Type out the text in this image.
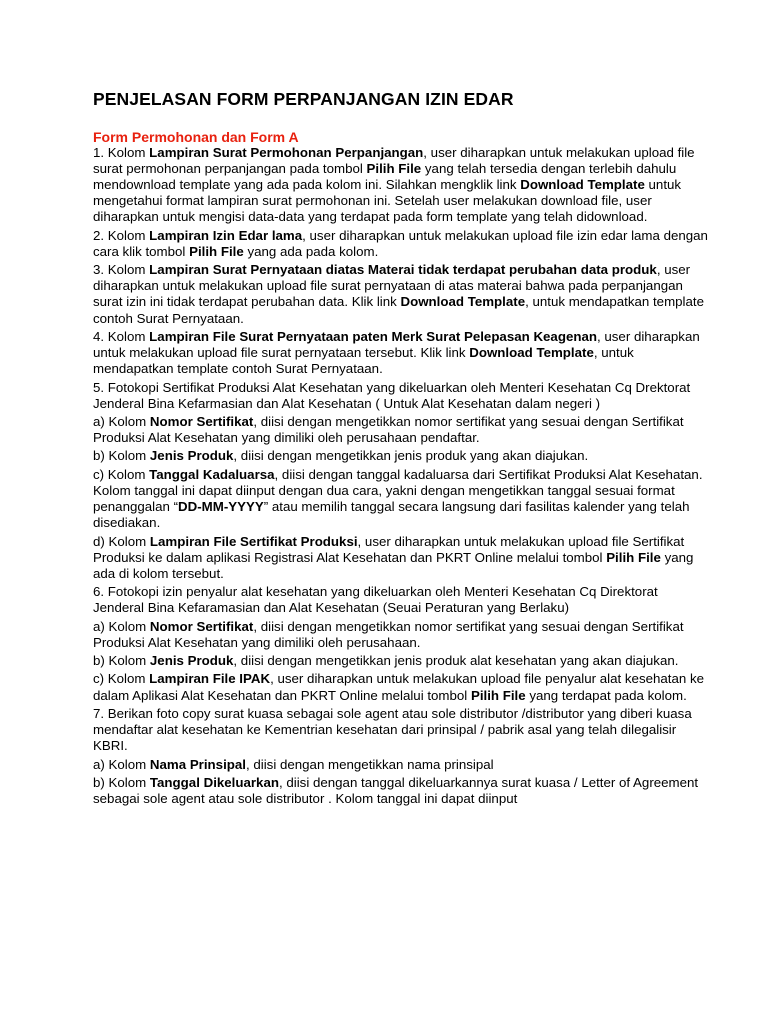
PENJELASAN FORM PERPANJANGAN IZIN EDAR
Form Permohonan dan Form A

1. Kolom Lampiran Surat Permohonan Perpanjangan, user diharapkan untuk melakukan upload file surat permohonan perpanjangan pada tombol Pilih File yang telah tersedia dengan terlebih dahulu mendownload template yang ada pada kolom ini. Silahkan mengklik link Download Template untuk mengetahui format lampiran surat permohonan ini. Setelah user melakukan download file, user diharapkan untuk mengisi data-data yang terdapat pada form template yang telah didownload.

2. Kolom Lampiran Izin Edar lama, user diharapkan untuk melakukan upload file izin edar lama dengan cara klik tombol Pilih File yang ada pada kolom.

3. Kolom Lampiran Surat Pernyataan diatas Materai tidak terdapat perubahan data produk, user diharapkan untuk melakukan upload file surat pernyataan di atas materai bahwa pada perpanjangan surat izin ini tidak terdapat perubahan data. Klik link Download Template, untuk mendapatkan template contoh Surat Pernyataan.

4. Kolom Lampiran File Surat Pernyataan paten Merk Surat Pelepasan Keagenan, user diharapkan untuk melakukan upload file surat pernyataan tersebut. Klik link Download Template, untuk mendapatkan template contoh Surat Pernyataan.

5. Fotokopi Sertifikat Produksi Alat Kesehatan yang dikeluarkan oleh Menteri Kesehatan Cq Drektorat Jenderal Bina Kefarmasian dan Alat Kesehatan ( Untuk Alat Kesehatan dalam negeri )

a) Kolom Nomor Sertifikat, diisi dengan mengetikkan nomor sertifikat yang sesuai dengan Sertifikat Produksi Alat Kesehatan yang dimiliki oleh perusahaan pendaftar.

b) Kolom Jenis Produk, diisi dengan mengetikkan jenis produk yang akan diajukan.

c) Kolom Tanggal Kadaluarsa, diisi dengan tanggal kadaluarsa dari Sertifikat Produksi Alat Kesehatan. Kolom tanggal ini dapat diinput dengan dua cara, yakni dengan mengetikkan tanggal sesuai format penanggalan “DD-MM-YYYY” atau memilih tanggal secara langsung dari fasilitas kalender yang telah disediakan.

d) Kolom Lampiran File Sertifikat Produksi, user diharapkan untuk melakukan upload file Sertifikat Produksi ke dalam aplikasi Registrasi Alat Kesehatan dan PKRT Online melalui tombol Pilih File yang ada di kolom tersebut.

6. Fotokopi izin penyalur alat kesehatan yang dikeluarkan oleh Menteri Kesehatan Cq Direktorat Jenderal Bina Kefaramasian dan Alat Kesehatan (Seuai Peraturan yang Berlaku)

a) Kolom Nomor Sertifikat, diisi dengan mengetikkan nomor sertifikat yang sesuai dengan Sertifikat Produksi Alat Kesehatan yang dimiliki oleh perusahaan.

b) Kolom Jenis Produk, diisi dengan mengetikkan jenis produk alat kesehatan yang akan diajukan.

c) Kolom Lampiran File IPAK, user diharapkan untuk melakukan upload file penyalur alat kesehatan ke dalam Aplikasi Alat Kesehatan dan PKRT Online melalui tombol Pilih File yang terdapat pada kolom.

7. Berikan foto copy surat kuasa sebagai sole agent atau sole distributor /distributor yang diberi kuasa mendaftar alat kesehatan ke Kementrian kesehatan dari prinsipal / pabrik asal yang telah dilegalisir KBRI.

a) Kolom Nama Prinsipal, diisi dengan mengetikkan nama prinsipal

b) Kolom Tanggal Dikeluarkan, diisi dengan tanggal dikeluarkannya surat kuasa / Letter of Agreement sebagai sole agent atau sole distributor . Kolom tanggal ini dapat diinput
